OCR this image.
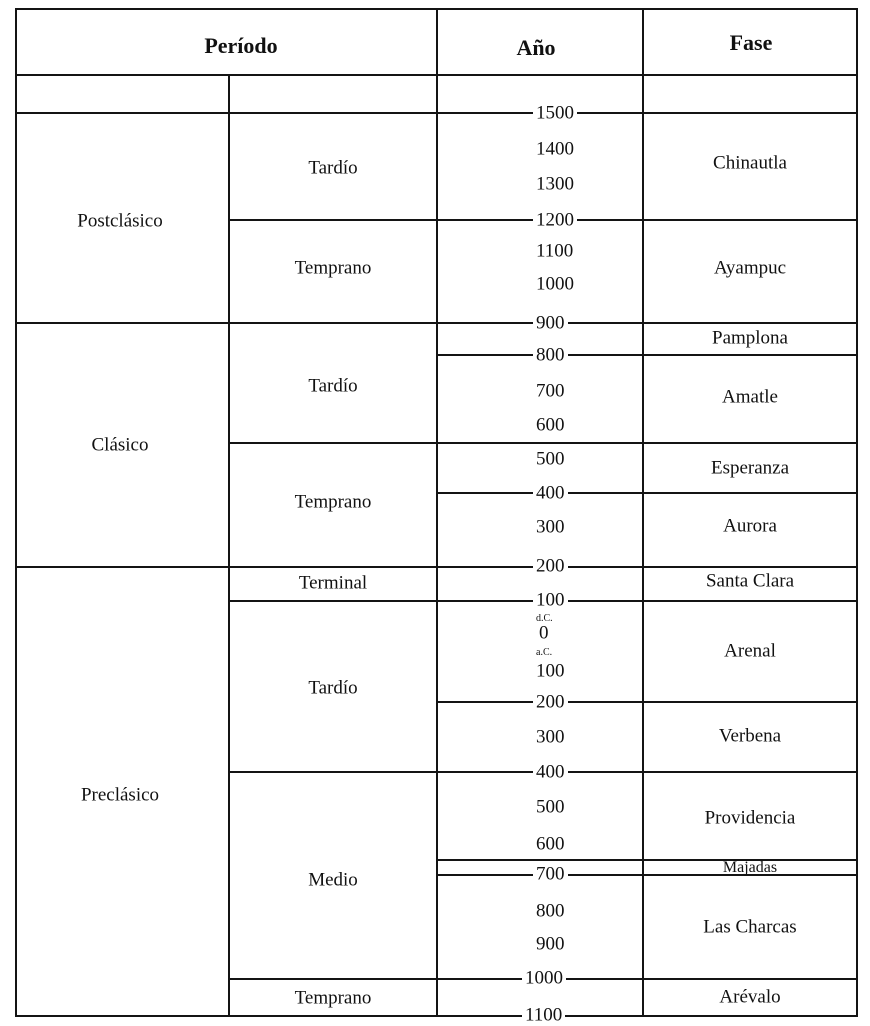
Período	Año	Fase
Postclásico
Clásico
Preclásico
Tardío
Temprano
Tardío
Temprano
Terminal
Tardío
Medio
Temprano
1500
1400
1300
1200
1100
1000
900
800
700
600
500
400
300
200
100
d.C.
0
a.C.
100
200
300
400
500
600
700
800
900
1000
1100
Chinautla
Ayampuc
Pamplona
Amatle
Esperanza
Aurora
Santa Clara
Arenal
Verbena
Providencia
Majadas
Las Charcas
Arévalo
